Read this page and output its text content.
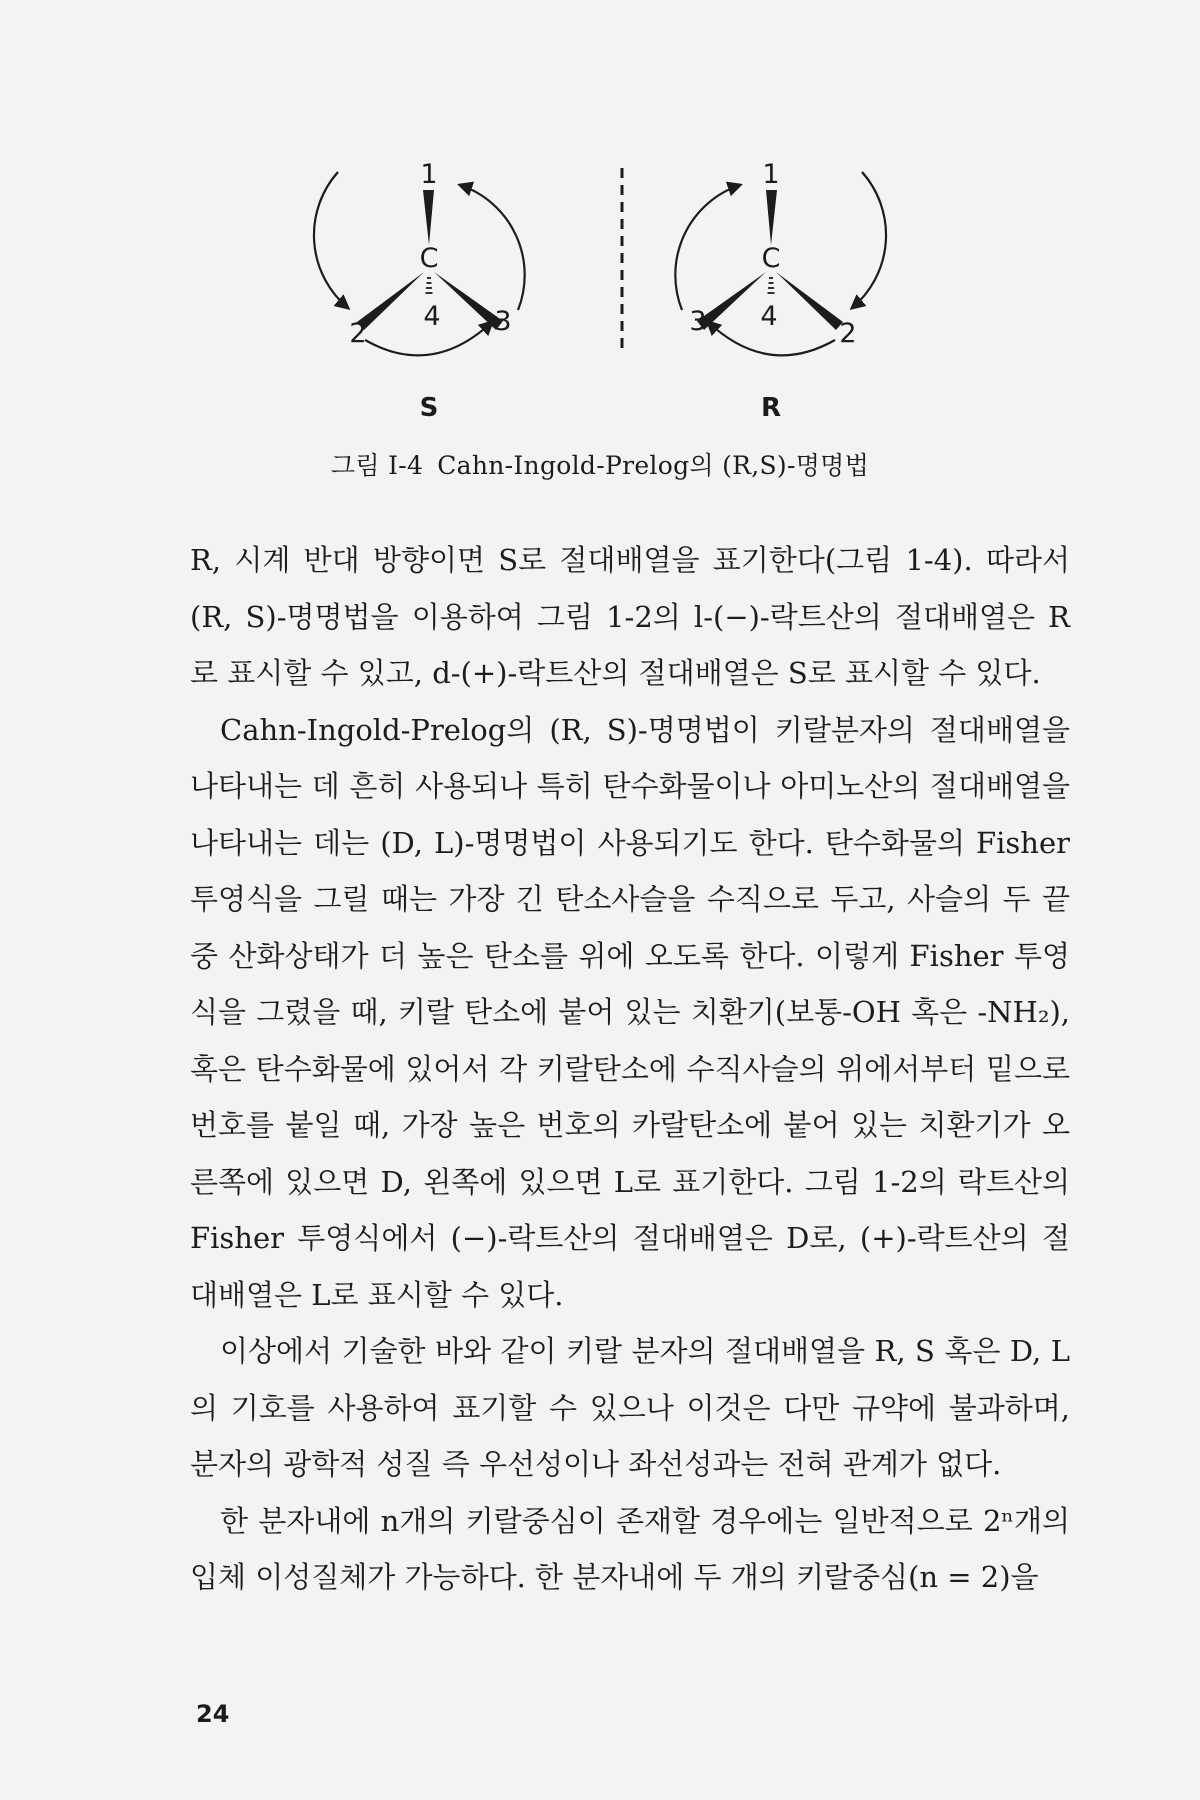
1
2	3
4
C
S
1
2
3 4
C
R
그림 I-4 Cahn-Ingold-Prelog의 (R,S)-명명법

R, 시계 반대 방향이면 S로 절대배열을 표기한다(그림 1-4). 따라서 (R, S)-명명법을 이용하여 그림 1-2의 l-(−)-락트산의 절대배열은 R로 표시할 수 있고, d-(+)-락트산의 절대배열은 S로 표시할 수 있다.

Cahn-Ingold-Prelog의 (R, S)-명명법이 키랄분자의 절대배열을 나타내는 데 흔히 사용되나 특히 탄수화물이나 아미노산의 절대배열을 나타내는 데는 (D, L)-명명법이 사용되기도 한다. 탄수화물의 Fisher 투영식을 그릴 때는 가장 긴 탄소사슬을 수직으로 두고, 사슬의 두 끝 중 산화상태가 더 높은 탄소를 위에 오도록 한다. 이렇게 Fisher 투영식을 그렸을 때, 키랄 탄소에 붙어 있는 치환기(보통-OH 혹은 -NH₂), 혹은 탄수화물에 있어서 각 키랄탄소에 수직사슬의 위에서부터 밑으로 번호를 붙일 때, 가장 높은 번호의 카랄탄소에 붙어 있는 치환기가 오른쪽에 있으면 D, 왼쪽에 있으면 L로 표기한다. 그림 1-2의 락트산의 Fisher 투영식에서 (−)-락트산의 절대배열은 D로, (+)-락트산의 절대배열은 L로 표시할 수 있다.

이상에서 기술한 바와 같이 키랄 분자의 절대배열을 R, S 혹은 D, L의 기호를 사용하여 표기할 수 있으나 이것은 다만 규약에 불과하며, 분자의 광학적 성질 즉 우선성이나 좌선성과는 전혀 관계가 없다.

한 분자내에 n개의 키랄중심이 존재할 경우에는 일반적으로 2ⁿ개의 입체 이성질체가 가능하다. 한 분자내에 두 개의 키랄중심(n = 2)을

24
